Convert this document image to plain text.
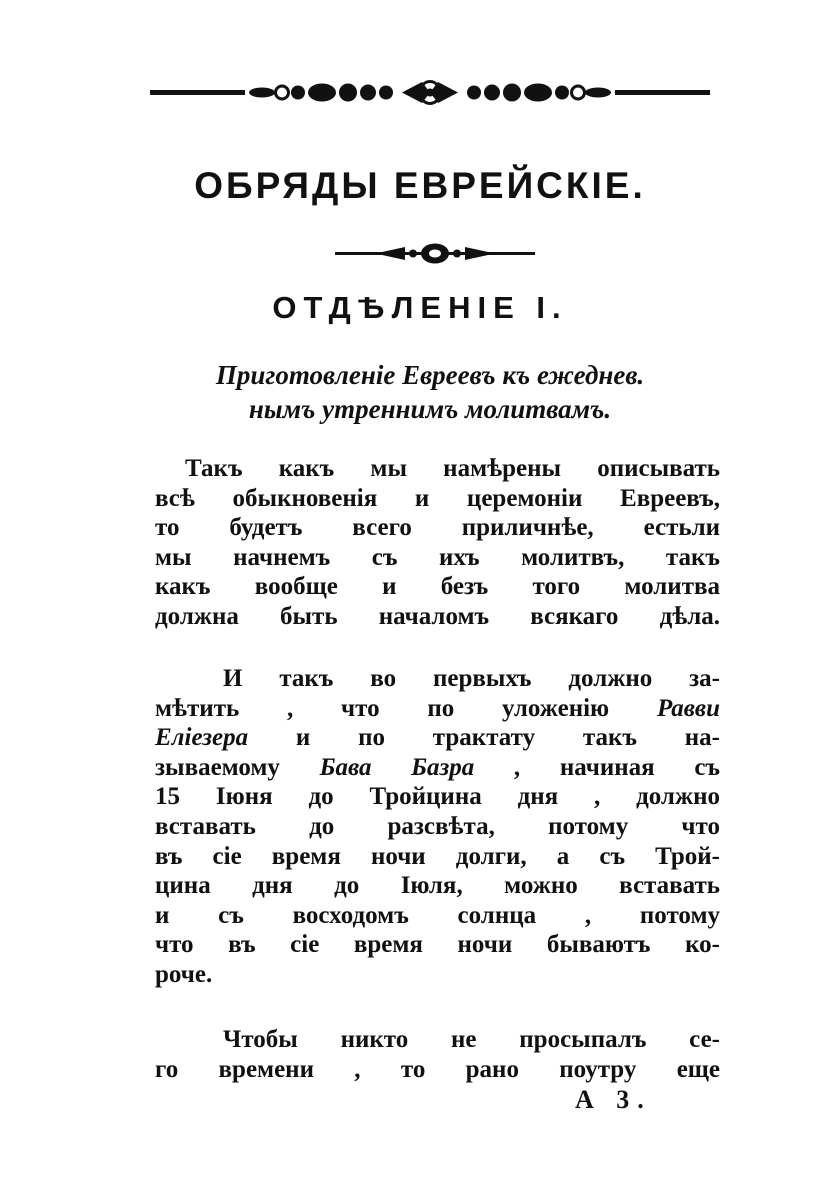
ОБРЯДЫ ЕВРЕЙСКІЕ.
ОТДѢЛЕНІЕ I.
Приготовленіе Евреевъ къ ежеднев.
нымъ утреннимъ молитвамъ.
Такъ какъ мы намѣрены описывать
всѣ обыкновенія и церемоніи Евреевъ,
то будетъ всего приличнѣе, естьли
мы начнемъ съ ихъ молитвъ, такъ
какъ вообще и безъ того молитва
должна быть началомъ всякаго дѣла.
И такъ во первыхъ должно за-
мѣтить , что по уложенію Равви
Еліезера и по трактату такъ на-
зываемому Бава Базра , начиная съ
15 Іюня до Тройцина дня , должно
вставать до разсвѣта, потому что
въ сіе время ночи долги, а съ Трой-
цина дня до Іюля, можно вставать
и съ восходомъ солнца , потому
что въ сіе время ночи бываютъ ко-
роче.
Чтобы никто не просыпалъ се-
го времени , то рано поутру еще
А 3.
